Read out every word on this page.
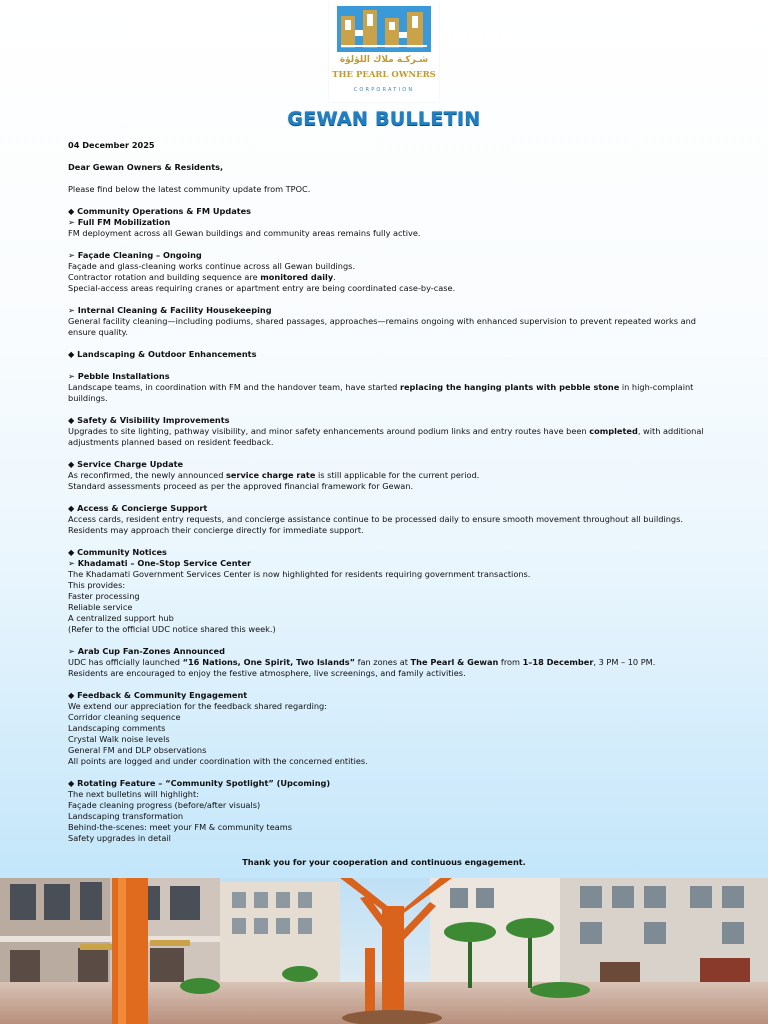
شـركـة ملاك اللؤلؤة
THE PEARL OWNERS
CORPORATION
GEWAN BULLETIN
04 December 2025
Dear Gewan Owners & Residents,
Please find below the latest community update from TPOC.
◆ Community Operations & FM Updates
➢ Full FM Mobilization
FM deployment across all Gewan buildings and community areas remains fully active.
➢ Façade Cleaning – Ongoing
Façade and glass-cleaning works continue across all Gewan buildings.
Contractor rotation and building sequence are monitored daily.
Special-access areas requiring cranes or apartment entry are being coordinated case-by-case.
➢ Internal Cleaning & Facility Housekeeping
General facility cleaning—including podiums, shared passages, approaches—remains ongoing with enhanced supervision to prevent repeated works and ensure quality.
◆ Landscaping & Outdoor Enhancements
➢ Pebble Installations
Landscape teams, in coordination with FM and the handover team, have started replacing the hanging plants with pebble stone in high-complaint buildings.
◆ Safety & Visibility Improvements
Upgrades to site lighting, pathway visibility, and minor safety enhancements around podium links and entry routes have been completed, with additional adjustments planned based on resident feedback.
◆ Service Charge Update
As reconfirmed, the newly announced service charge rate is still applicable for the current period.
Standard assessments proceed as per the approved financial framework for Gewan.
◆ Access & Concierge Support
Access cards, resident entry requests, and concierge assistance continue to be processed daily to ensure smooth movement throughout all buildings.
Residents may approach their concierge directly for immediate support.
◆ Community Notices
➢ Khadamati – One-Stop Service Center
The Khadamati Government Services Center is now highlighted for residents requiring government transactions.
This provides:
Faster processing
Reliable service
A centralized support hub
(Refer to the official UDC notice shared this week.)
➢ Arab Cup Fan-Zones Announced
UDC has officially launched “16 Nations, One Spirit, Two Islands” fan zones at The Pearl & Gewan from 1–18 December, 3 PM – 10 PM.
Residents are encouraged to enjoy the festive atmosphere, live screenings, and family activities.
◆ Feedback & Community Engagement
We extend our appreciation for the feedback shared regarding:
Corridor cleaning sequence
Landscaping comments
Crystal Walk noise levels
General FM and DLP observations
All points are logged and under coordination with the concerned entities.
◆ Rotating Feature – “Community Spotlight” (Upcoming)
The next bulletins will highlight:
Façade cleaning progress (before/after visuals)
Landscaping transformation
Behind-the-scenes: meet your FM & community teams
Safety upgrades in detail
Thank you for your cooperation and continuous engagement.
